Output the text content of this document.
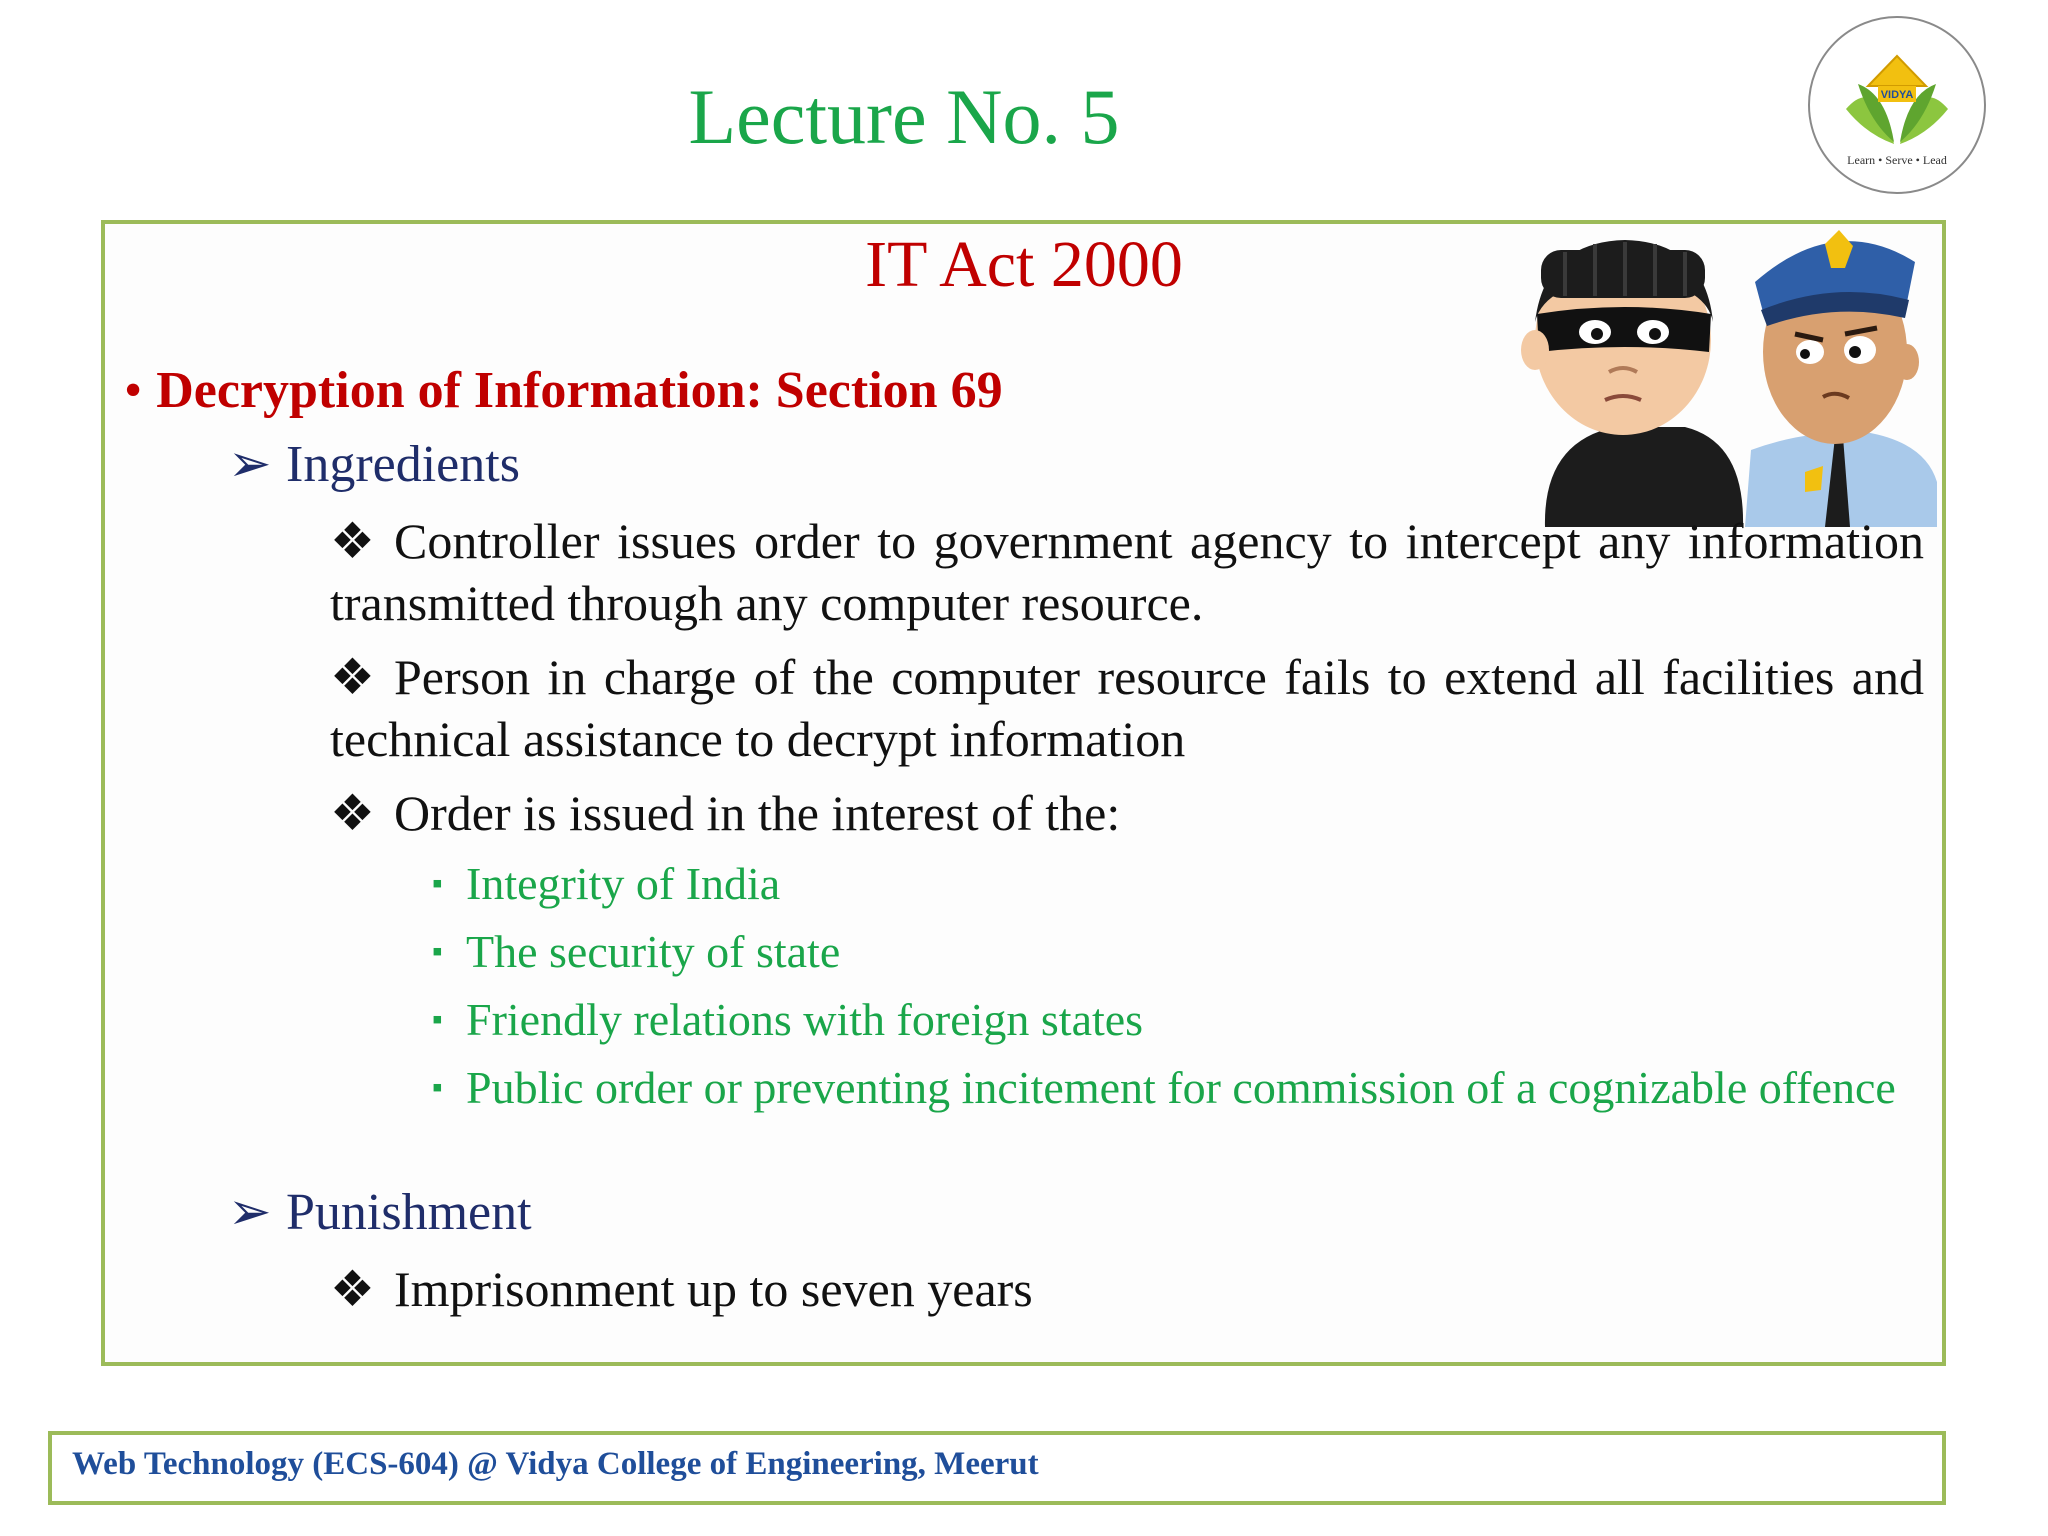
Lecture No. 5	VIDYA
Learn • Serve • Lead
IT Act 2000
• Decryption of Information: Section 69
➢ Ingredients
❖ Controller issues order to government agency to intercept any information transmitted through any computer resource.
❖ Person in charge of the computer resource fails to extend all facilities and technical assistance to decrypt information
❖ Order is issued in the interest of the:
▪ Integrity of India
▪ The security of state
▪ Friendly relations with foreign states
▪ Public order or preventing incitement for commission of a cognizable offence
➢ Punishment
❖ Imprisonment up to seven years
Web Technology (ECS-604) @ Vidya College of Engineering, Meerut
